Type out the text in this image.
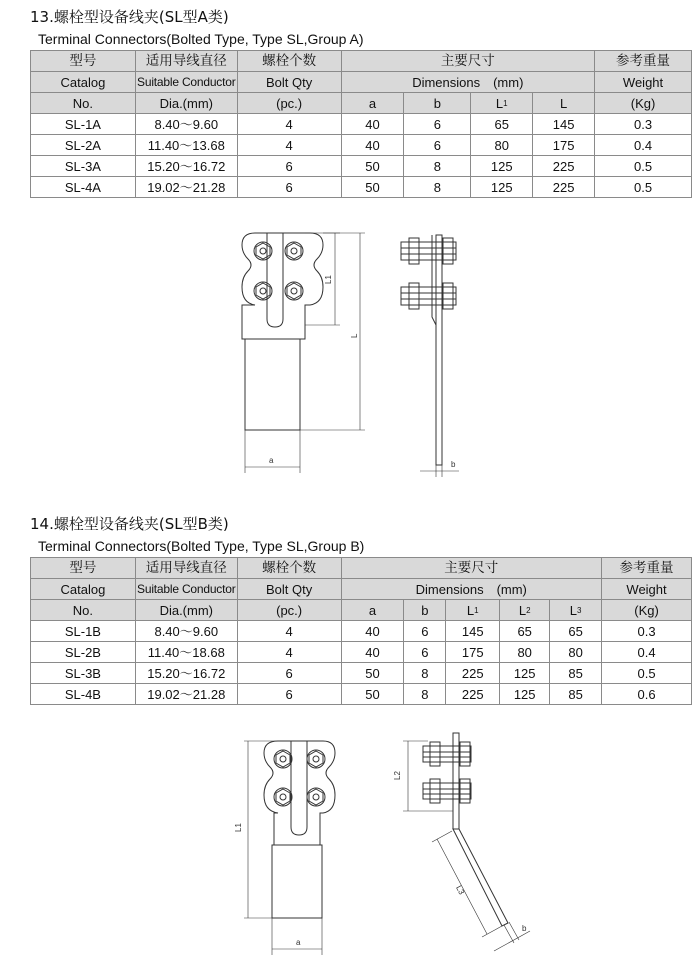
13.螺栓型设备线夹(SL型A类)
Terminal Connectors(Bolted Type, Type SL,Group A)
型号	适用导线直径	螺栓个数	主要尺寸				参考重量
Catalog	Suitable Conductor	Bolt Qty	Dimensions　(mm)				Weight
No.	Dia.(mm)	(pc.)	a	b	$L^1$	L	(Kg)
SL-1A	8.40～9.60	4	40	6	65	145	0.3
SL-2A	11.40～13.68	4	40	6	80	175	0.4
SL-3A	15.20～16.72	6	50	8	125	225	0.5
SL-4A	19.02～21.28	6	50	8	125	225	0.5
L1
L
a	b
14.螺栓型设备线夹(SL型B类)
Terminal Connectors(Bolted Type, Type SL,Group B)
型号	适用导线直径	螺栓个数	主要尺寸					参考重量
Catalog	Suitable Conductor	Bolt Qty	Dimensions　(mm)					Weight
No.	Dia.(mm)	(pc.)	a	b	$L^1$	$L^2$	$L^3$	(Kg)
SL-1B	8.40～9.60	4	40	6	145	65	65	0.3
SL-2B	11.40～18.68	4	40	6	175	80	80	0.4
SL-3B	15.20～16.72	6	50	8	225	125	85	0.5
SL-4B	19.02～21.28	6	50	8	225	125	85	0.6
L1
a
L2
L3
b
